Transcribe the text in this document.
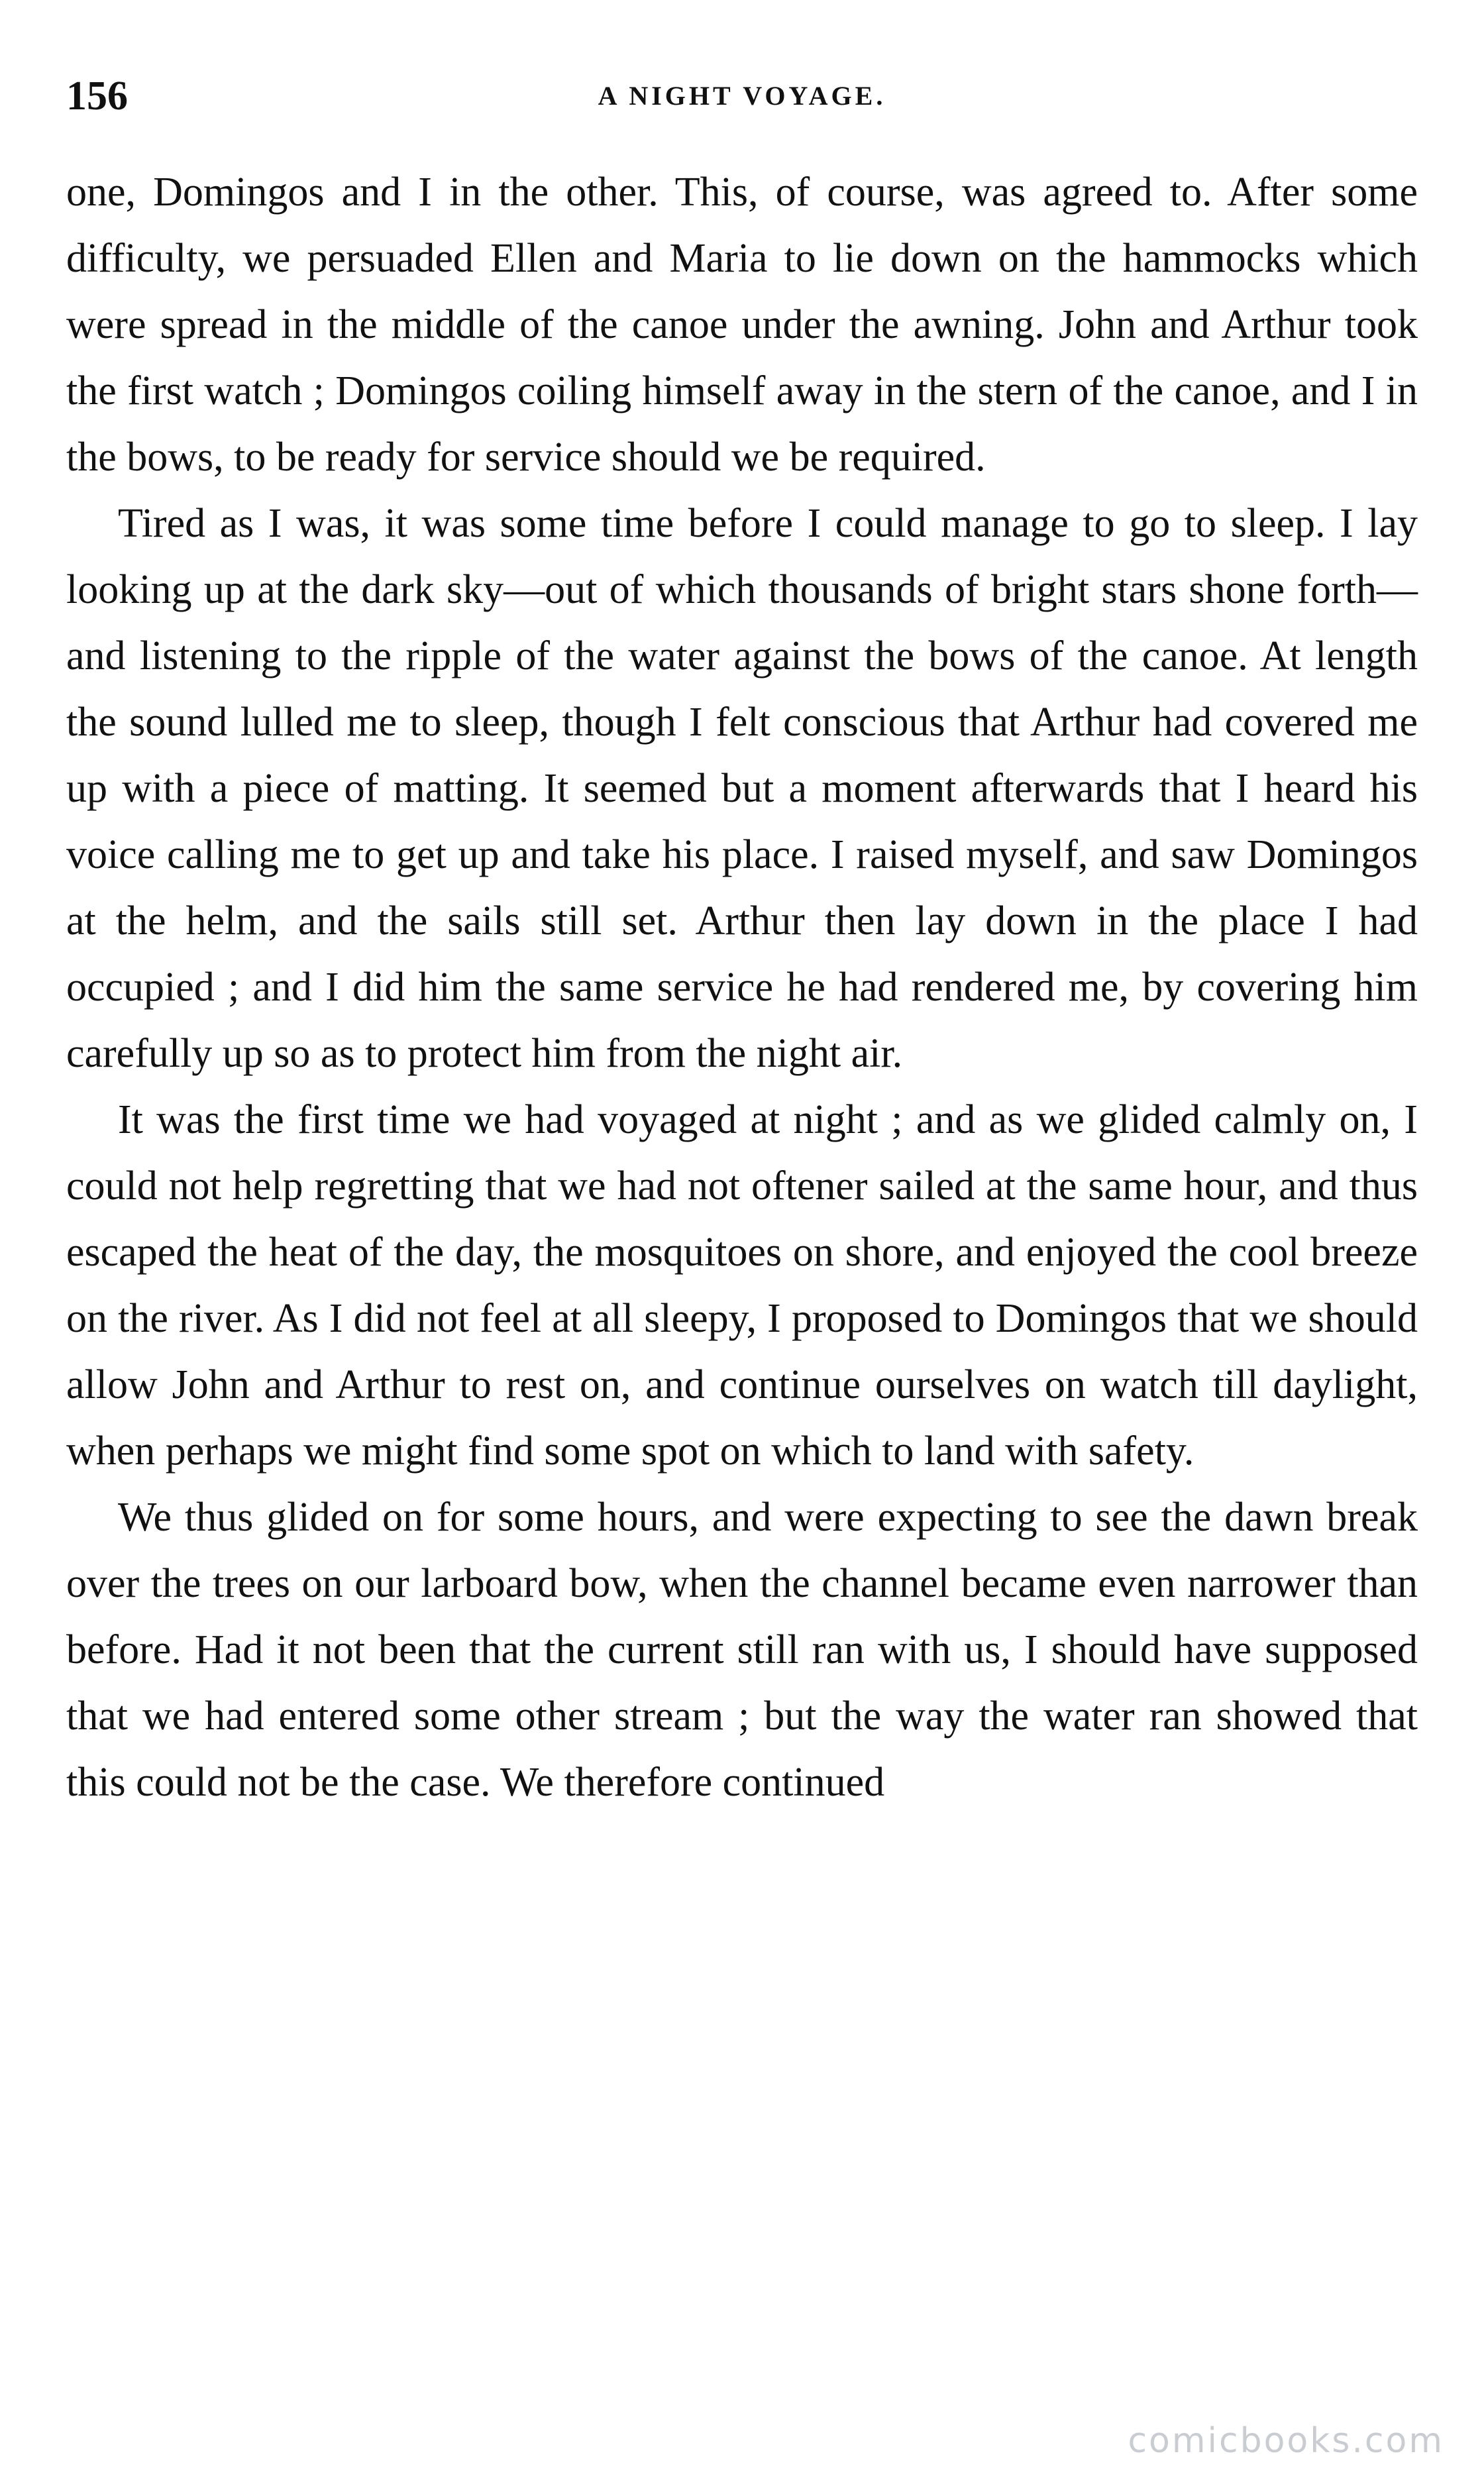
156	A NIGHT VOYAGE.

one, Domingos and I in the other. This, of course, was agreed to. After some difficulty, we persuaded Ellen and Maria to lie down on the hammocks which were spread in the middle of the canoe under the awning. John and Arthur took the first watch ; Domingos coiling himself away in the stern of the canoe, and I in the bows, to be ready for service should we be required.

Tired as I was, it was some time before I could manage to go to sleep. I lay looking up at the dark sky—out of which thousands of bright stars shone forth—and listening to the ripple of the water against the bows of the canoe. At length the sound lulled me to sleep, though I felt conscious that Arthur had covered me up with a piece of matting. It seemed but a moment afterwards that I heard his voice calling me to get up and take his place. I raised myself, and saw Domingos at the helm, and the sails still set. Arthur then lay down in the place I had occupied ; and I did him the same service he had rendered me, by covering him carefully up so as to protect him from the night air.

It was the first time we had voyaged at night ; and as we glided calmly on, I could not help regretting that we had not oftener sailed at the same hour, and thus escaped the heat of the day, the mosquitoes on shore, and enjoyed the cool breeze on the river. As I did not feel at all sleepy, I proposed to Domingos that we should allow John and Arthur to rest on, and continue ourselves on watch till daylight, when perhaps we might find some spot on which to land with safety.

We thus glided on for some hours, and were expecting to see the dawn break over the trees on our larboard bow, when the channel became even narrower than before. Had it not been that the current still ran with us, I should have supposed that we had entered some other stream ; but the way the water ran showed that this could not be the case. We therefore continued

comicbooks.com
